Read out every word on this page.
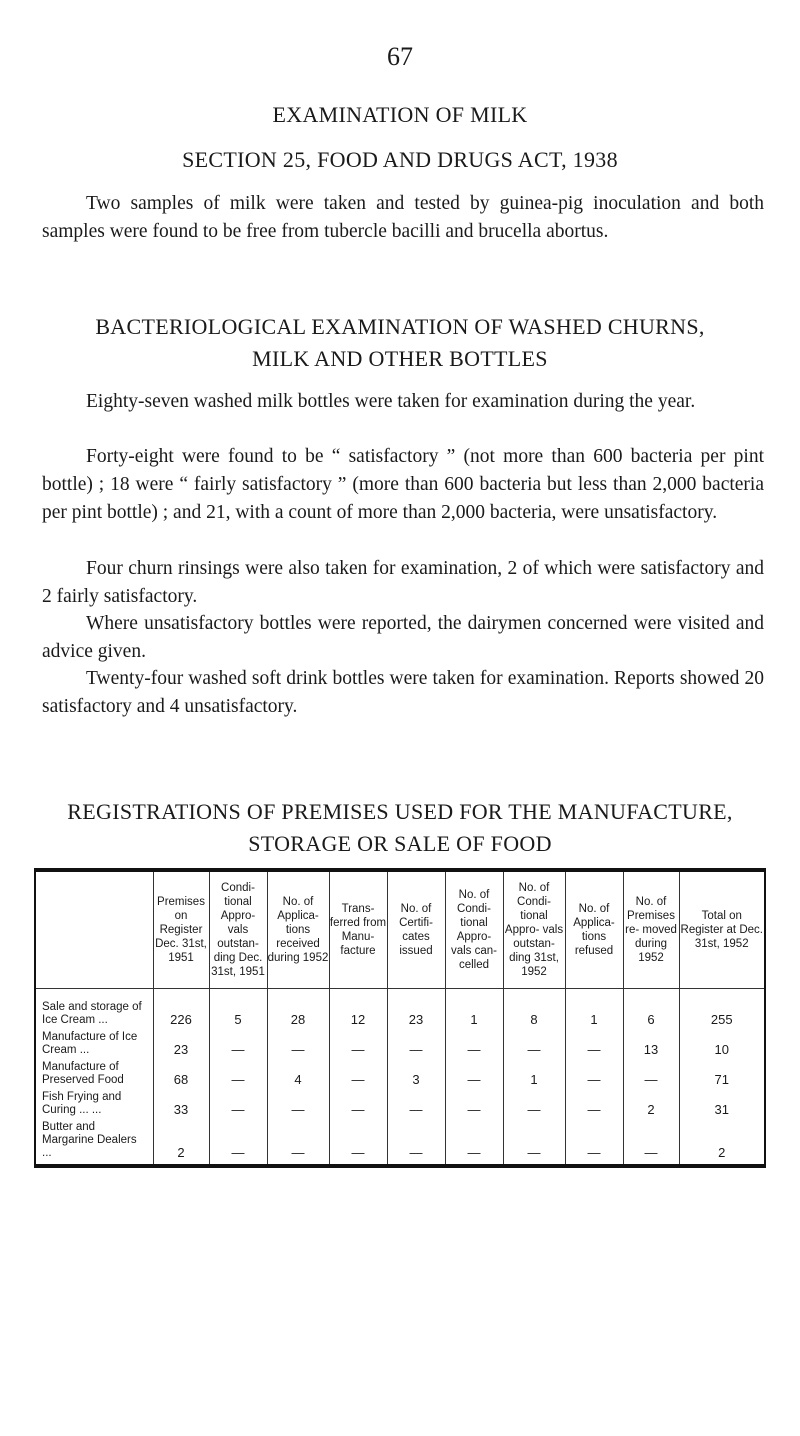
67
EXAMINATION OF MILK
SECTION 25, FOOD AND DRUGS ACT, 1938
Two samples of milk were taken and tested by guinea-pig inoculation and both samples were found to be free from tubercle bacilli and brucella abortus.
BACTERIOLOGICAL EXAMINATION OF WASHED CHURNS,
MILK AND OTHER BOTTLES
Eighty-seven washed milk bottles were taken for examination during the year.
Forty-eight were found to be “ satisfactory ” (not more than 600 bacteria per pint bottle) ; 18 were “ fairly satisfactory ” (more than 600 bacteria but less than 2,000 bacteria per pint bottle) ; and 21, with a count of more than 2,000 bacteria, were unsatisfactory.
Four churn rinsings were also taken for examination, 2 of which were satisfactory and 2 fairly satisfactory.
Where unsatisfactory bottles were reported, the dairymen concerned were visited and advice given.
Twenty-four washed soft drink bottles were taken for examination. Reports showed 20 satisfactory and 4 unsatisfactory.
REGISTRATIONS OF PREMISES USED FOR THE MANUFACTURE,
STORAGE OR SALE OF FOOD
	Premises on Register Dec. 31st, 1951	Condi- tional Appro- vals outstan- ding Dec. 31st, 1951	No. of Applica- tions received during 1952	Trans- ferred from Manu- facture	No. of Certifi- cates issued	No. of Condi- tional Appro- vals can- celled	No. of Condi- tional Appro- vals outstan- ding 31st, 1952	No. of Applica- tions refused	No. of Premises re- moved during 1952	Total on Register at Dec. 31st, 1952
Sale and storage of Ice Cream ...	226	5	28	12	23	1	8	1	6	255
Manufacture of Ice Cream ...	23	—	—	—	—	—	—	—	13	10
Manufacture of Preserved Food	68	—	4	—	3	—	1	—	—	71
Fish Frying and Curing ... ...	33	—	—	—	—	—	—	—	2	31
Butter and Margarine Dealers ...	2	—	—	—	—	—	—	—	—	2
